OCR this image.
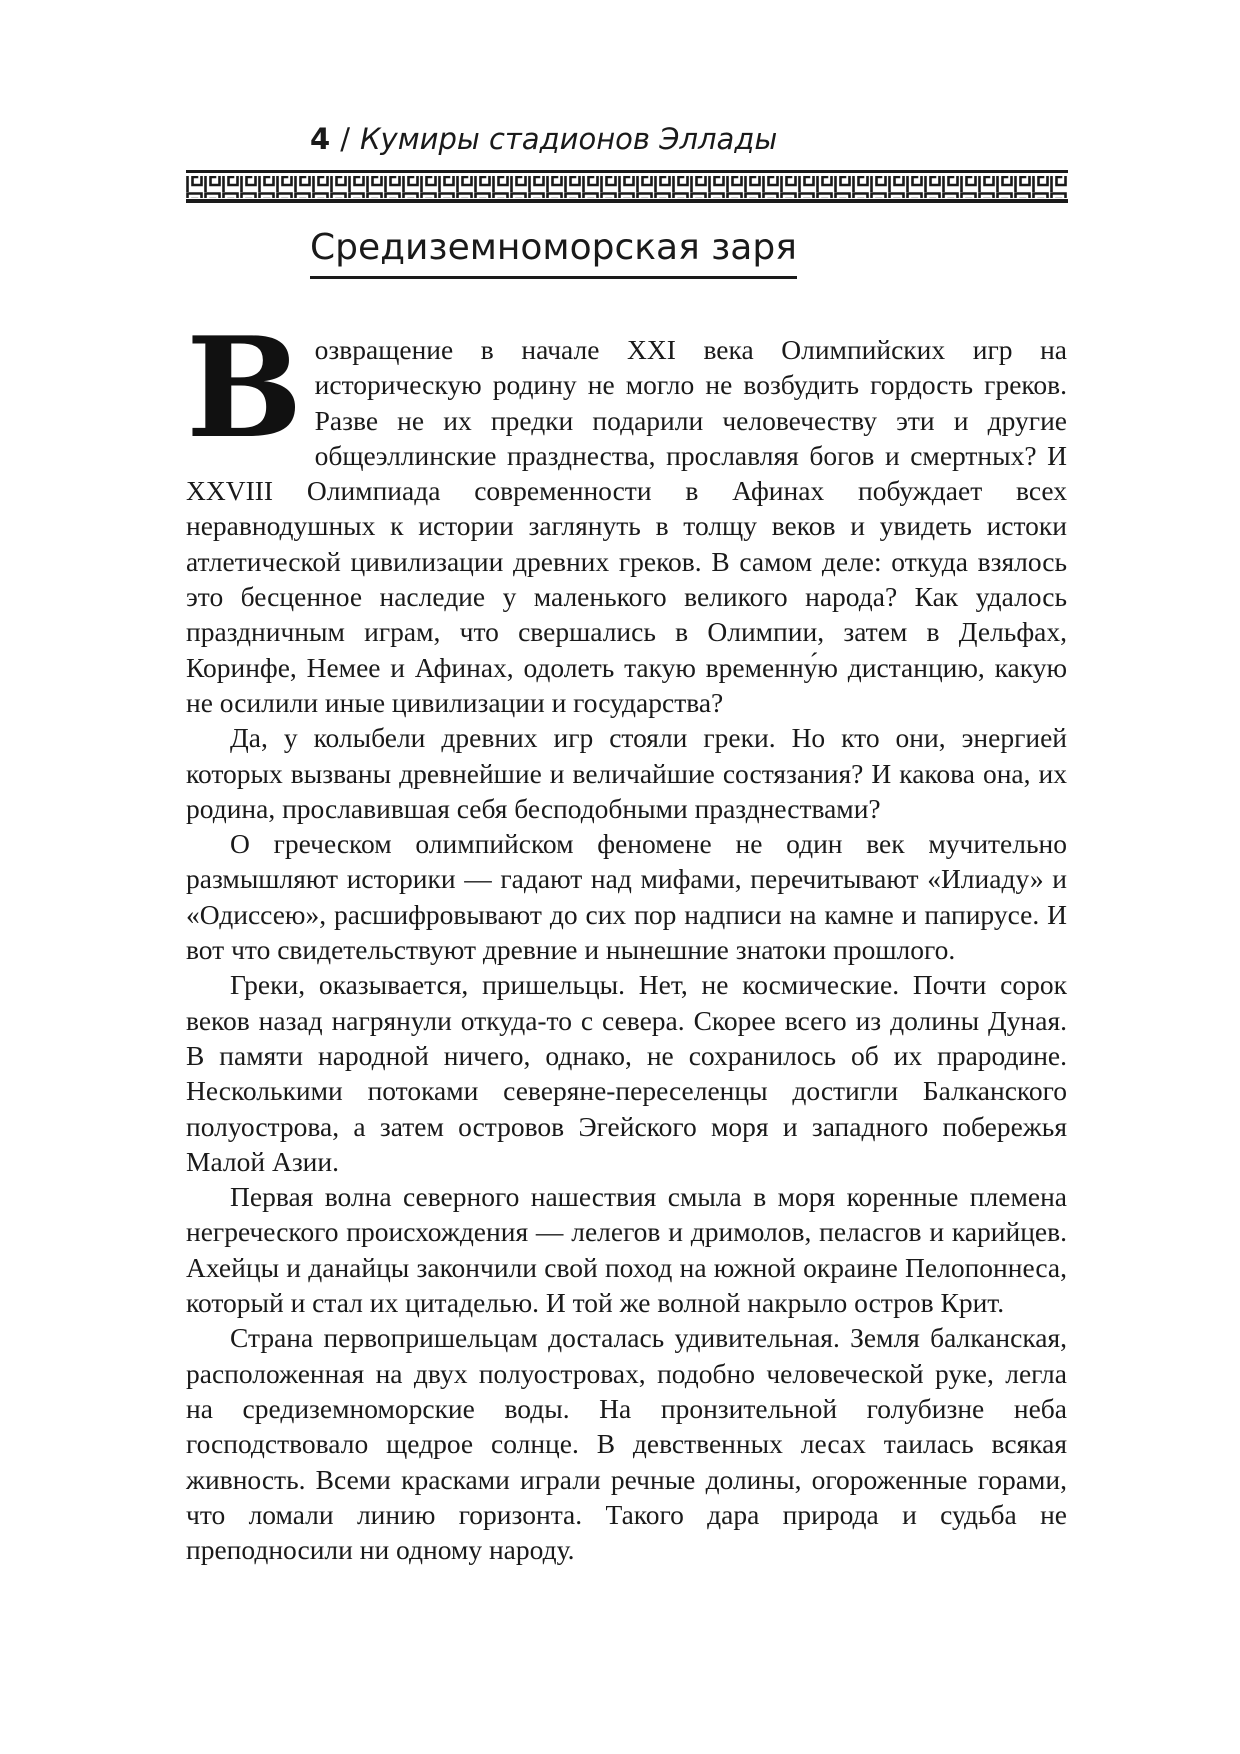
4 / Кумиры стадионов Эллады
Средиземноморская заря

Возвращение в начале XXI века Олимпийских игр на историческую родину не могло не возбудить гордость греков. Разве не их предки подарили человечеству эти и другие общеэллинские празднества, прославляя богов и смертных? И XXVIII Олимпиада современности в Афинах побуждает всех неравнодушных к истории заглянуть в толщу веков и увидеть истоки атлетической цивилизации древних греков. В самом деле: откуда взялось это бесценное наследие у маленького великого народа? Как удалось праздничным играм, что свершались в Олимпии, затем в Дельфах, Коринфе, Немее и Афинах, одолеть такую временну́ю дистанцию, какую не осилили иные цивилизации и государства?

Да, у колыбели древних игр стояли греки. Но кто они, энергией которых вызваны древнейшие и величайшие состязания? И какова она, их родина, прославившая себя бесподобными празднествами?

О греческом олимпийском феномене не один век мучительно размышляют историки — гадают над мифами, перечитывают «Илиаду» и «Одиссею», расшифровывают до сих пор надписи на камне и папирусе. И вот что свидетельствуют древние и нынешние знатоки прошлого.

Греки, оказывается, пришельцы. Нет, не космические. Почти сорок веков назад нагрянули откуда-то с севера. Скорее всего из долины Дуная. В памяти народной ничего, однако, не сохранилось об их прародине. Несколькими потоками северяне-переселенцы достигли Балканского полуострова, а затем островов Эгейского моря и западного побережья Малой Азии.

Первая волна северного нашествия смыла в моря коренные племена негреческого происхождения — лелегов и дримолов, пеласгов и карийцев. Ахейцы и данайцы закончили свой поход на южной окраине Пелопоннеса, который и стал их цитаделью. И той же волной накрыло остров Крит.

Страна первопришельцам досталась удивительная. Земля балканская, расположенная на двух полуостровах, подобно человеческой руке, легла на средиземноморские воды. На пронзительной голубизне неба господствовало щедрое солнце. В девственных лесах таилась всякая живность. Всеми красками играли речные долины, огороженные горами, что ломали линию горизонта. Такого дара природа и судьба не преподносили ни одному народу.
